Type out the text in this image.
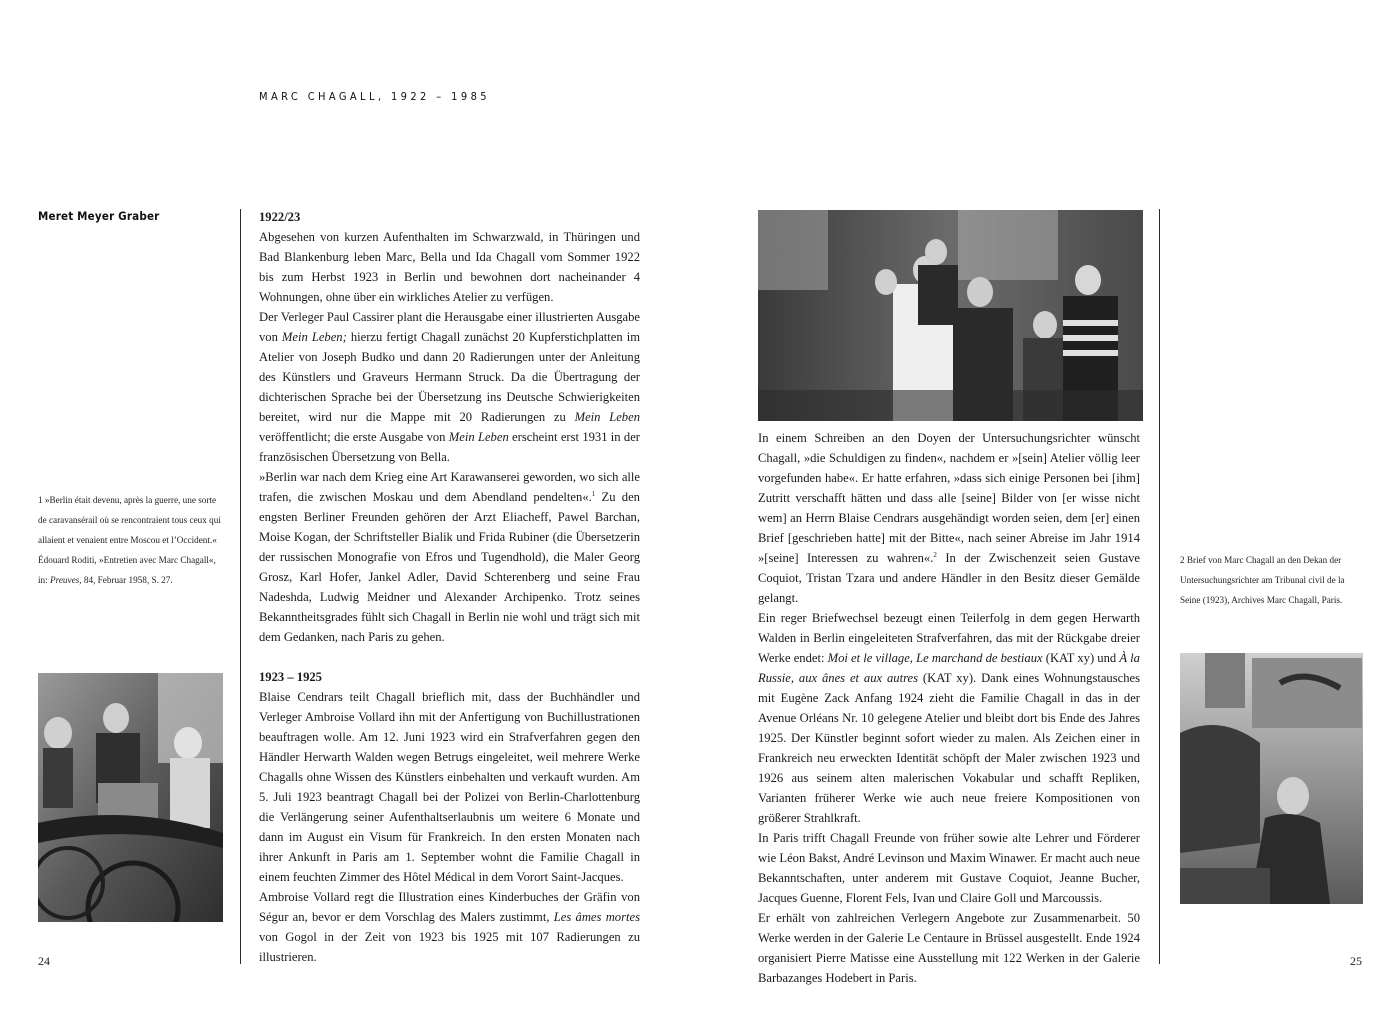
MARC CHAGALL, 1922 – 1985
Meret Meyer Graber	1922/23

Abgesehen von kurzen Aufenthalten im Schwarzwald, in Thüringen und Bad Blankenburg leben Marc, Bella und Ida Chagall vom Sommer 1922 bis zum Herbst 1923 in Berlin und bewohnen dort nacheinander 4 Wohnungen, ohne über ein wirkliches Atelier zu verfügen.

Der Verleger Paul Cassirer plant die Herausgabe einer illustrierten Ausgabe von Mein Leben; hierzu fertigt Chagall zunächst 20 Kupferstichplatten im Atelier von Joseph Budko und dann 20 Radierungen unter der Anleitung des Künstlers und Graveurs Hermann Struck. Da die Übertragung der dichterischen Sprache bei der Übersetzung ins Deutsche Schwierigkeiten bereitet, wird nur die Mappe mit 20 Radierungen zu Mein Leben veröffentlicht; die erste Ausgabe von Mein Leben erscheint erst 1931 in der französischen Übersetzung von Bella.

»Berlin war nach dem Krieg eine Art Karawanserei geworden, wo sich alle trafen, die zwischen Moskau und dem Abendland pendelten«.$^1$ Zu den engsten Berliner Freunden gehören der Arzt Eliacheff, Pawel Barchan, Moise Kogan, der Schriftsteller Bialik und Frida Rubiner (die Übersetzerin der russischen Monografie von Efros und Tugendhold), die Maler Georg Grosz, Karl Hofer, Jankel Adler, David Schterenberg und seine Frau Nadeshda, Ludwig Meidner und Alexander Archipenko. Trotz seines Bekanntheitsgrades fühlt sich Chagall in Berlin nie wohl und trägt sich mit dem Gedanken, nach Paris zu gehen.

1923 – 1925

Blaise Cendrars teilt Chagall brieflich mit, dass der Buchhändler und Verleger Ambroise Vollard ihn mit der Anfertigung von Buchillustrationen beauftragen wolle. Am 12. Juni 1923 wird ein Strafverfahren gegen den Händler Herwarth Walden wegen Betrugs eingeleitet, weil mehrere Werke Chagalls ohne Wissen des Künstlers einbehalten und verkauft wurden. Am 5. Juli 1923 beantragt Chagall bei der Polizei von Berlin-Charlottenburg die Verlängerung seiner Aufenthaltserlaubnis um weitere 6 Monate und dann im August ein Visum für Frankreich. In den ersten Monaten nach ihrer Ankunft in Paris am 1. September wohnt die Familie Chagall in einem feuchten Zimmer des Hôtel Médical in dem Vorort Saint-Jacques.

Ambroise Vollard regt die Illustration eines Kinderbuches der Gräfin von Ségur an, bevor er dem Vorschlag des Malers zustimmt, Les âmes mortes von Gogol in der Zeit von 1923 bis 1925 mit 107 Radierungen zu illustrieren.

In einem Schreiben an den Doyen der Untersuchungsrichter wünscht Chagall, »die Schuldigen zu finden«, nachdem er »[sein] Atelier völlig leer vorgefunden habe«. Er hatte erfahren, »dass sich einige Personen bei [ihm] Zutritt verschafft hätten und dass alle [seine] Bilder von [er wisse nicht wem] an Herrn Blaise Cendrars ausgehändigt worden seien, dem [er] einen Brief [geschrieben hatte] mit der Bitte«, nach seiner Abreise im Jahr 1914 »[seine] Interessen zu wahren«.$^2$ In der Zwischenzeit seien Gustave Coquiot, Tristan Tzara und andere Händler in den Besitz dieser Gemälde gelangt.

Ein reger Briefwechsel bezeugt einen Teilerfolg in dem gegen Herwarth Walden in Berlin eingeleiteten Strafverfahren, das mit der Rückgabe dreier Werke endet: Moi et le village, Le marchand de bestiaux (KAT xy) und À la Russie, aux ânes et aux autres (KAT xy). Dank eines Wohnungstausches mit Eugène Zack Anfang 1924 zieht die Familie Chagall in das in der Avenue Orléans Nr. 10 gelegene Atelier und bleibt dort bis Ende des Jahres 1925. Der Künstler beginnt sofort wieder zu malen. Als Zeichen einer in Frankreich neu erweckten Identität schöpft der Maler zwischen 1923 und 1926 aus seinem alten malerischen Vokabular und schafft Repliken, Varianten früherer Werke wie auch neue freiere Kompositionen von größerer Strahlkraft.

In Paris trifft Chagall Freunde von früher sowie alte Lehrer und Förderer wie Léon Bakst, André Levinson und Maxim Winawer. Er macht auch neue Bekanntschaften, unter anderem mit Gustave Coquiot, Jeanne Bucher, Jacques Guenne, Florent Fels, Ivan und Claire Goll und Marcoussis.

Er erhält von zahlreichen Verlegern Angebote zur Zusammenarbeit. 50 Werke werden in der Galerie Le Centaure in Brüssel ausgestellt. Ende 1924 organisiert Pierre Matisse eine Ausstellung mit 122 Werken in der Galerie Barbazanges Hodebert in Paris.

1 »Berlin était devenu, après la guerre, une sorte de caravansérail où se rencontraient tous ceux qui allaient et venaient entre Moscou et l’Occident.« Édouard Roditi, »Entretien avec Marc Chagall«, in: Preuves, 84, Februar 1958, S. 27.

2 Brief von Marc Chagall an den Dekan der Untersuchungsrichter am Tribunal civil de la Seine (1923), Archives Marc Chagall, Paris.

24	25
